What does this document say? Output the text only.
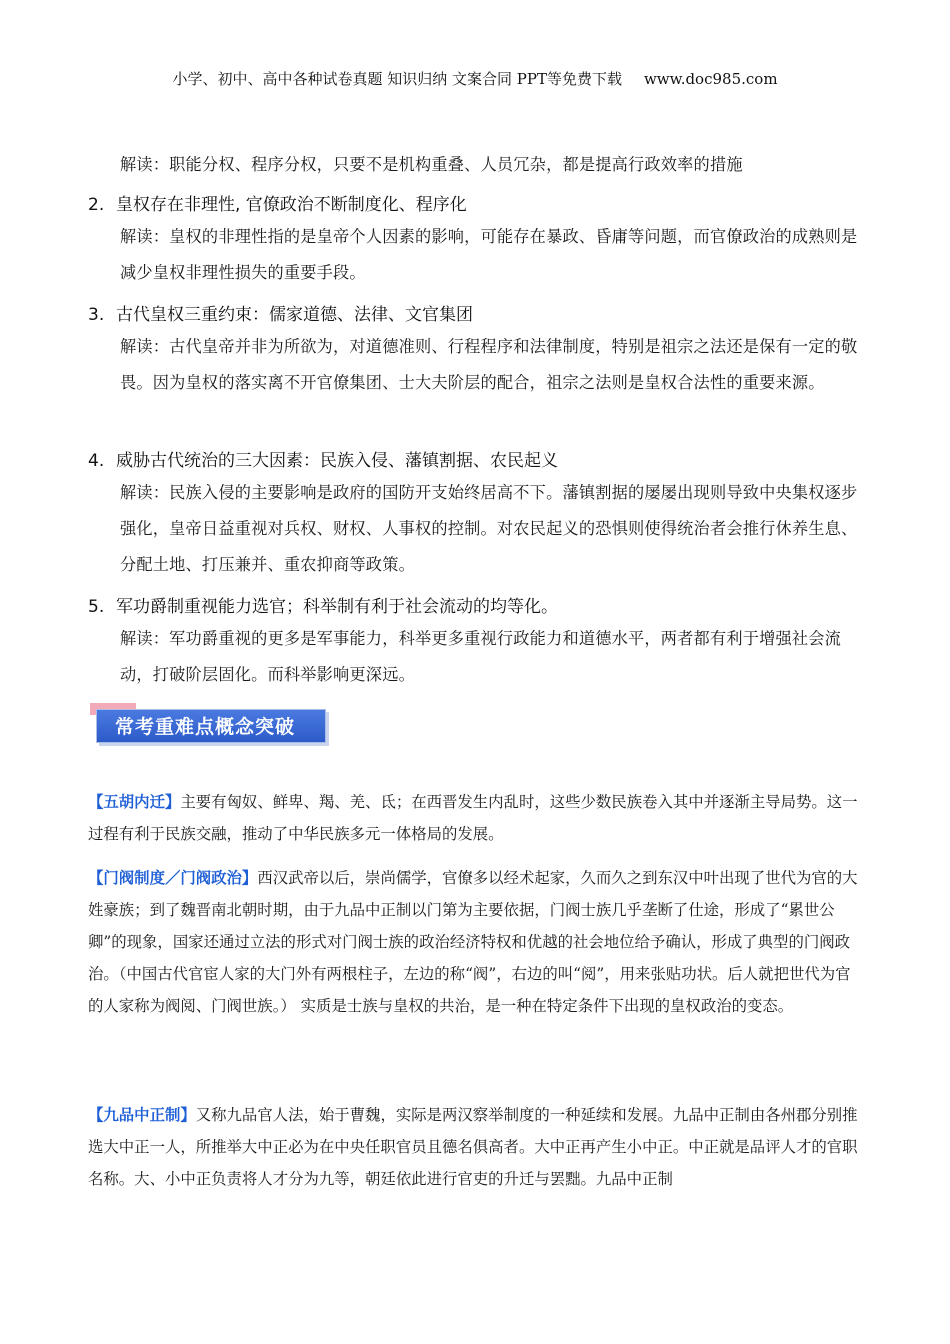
小学、初中、高中各种试卷真题 知识归纳 文案合同 PPT等免费下载 www.doc985.com
解读：职能分权、程序分权，只要不是机构重叠、人员冗杂，都是提高行政效率的措施
2. 皇权存在非理性, 官僚政治不断制度化、程序化
解读：皇权的非理性指的是皇帝个人因素的影响，可能存在暴政、昏庸等问题，而官僚政治的成熟则是减少皇权非理性损失的重要手段。
3. 古代皇权三重约束：儒家道德、法律、文官集团
解读：古代皇帝并非为所欲为，对道德准则、行程程序和法律制度，特别是祖宗之法还是保有一定的敬畏。因为皇权的落实离不开官僚集团、士大夫阶层的配合，祖宗之法则是皇权合法性的重要来源。
4. 威胁古代统治的三大因素：民族入侵、藩镇割据、农民起义
解读：民族入侵的主要影响是政府的国防开支始终居高不下。藩镇割据的屡屡出现则导致中央集权逐步强化，皇帝日益重视对兵权、财权、人事权的控制。对农民起义的恐惧则使得统治者会推行休养生息、分配土地、打压兼并、重农抑商等政策。
5. 军功爵制重视能力选官；科举制有利于社会流动的均等化。
解读：军功爵重视的更多是军事能力，科举更多重视行政能力和道德水平，两者都有利于增强社会流动，打破阶层固化。而科举影响更深远。
常考重难点概念突破
【五胡内迁】主要有匈奴、鲜卑、羯、羌、氐；在西晋发生内乱时，这些少数民族卷入其中并逐渐主导局势。这一过程有利于民族交融，推动了中华民族多元一体格局的发展。
【门阀制度／门阀政治】西汉武帝以后，崇尚儒学，官僚多以经术起家，久而久之到东汉中叶出现了世代为官的大姓豪族；到了魏晋南北朝时期，由于九品中正制以门第为主要依据，门阀士族几乎垄断了仕途，形成了“累世公卿”的现象，国家还通过立法的形式对门阀士族的政治经济特权和优越的社会地位给予确认，形成了典型的门阀政治。（中国古代官宦人家的大门外有两根柱子，左边的称“阀”，右边的叫“阅”，用来张贴功状。后人就把世代为官的人家称为阀阅、门阀世族。） 实质是士族与皇权的共治，是一种在特定条件下出现的皇权政治的变态。
【九品中正制】又称九品官人法，始于曹魏，实际是两汉察举制度的一种延续和发展。九品中正制由各州郡分别推选大中正一人，所推举大中正必为在中央任职官员且德名俱高者。大中正再产生小中正。中正就是品评人才的官职名称。大、小中正负责将人才分为九等，朝廷依此进行官吏的升迁与罢黜。九品中正制
